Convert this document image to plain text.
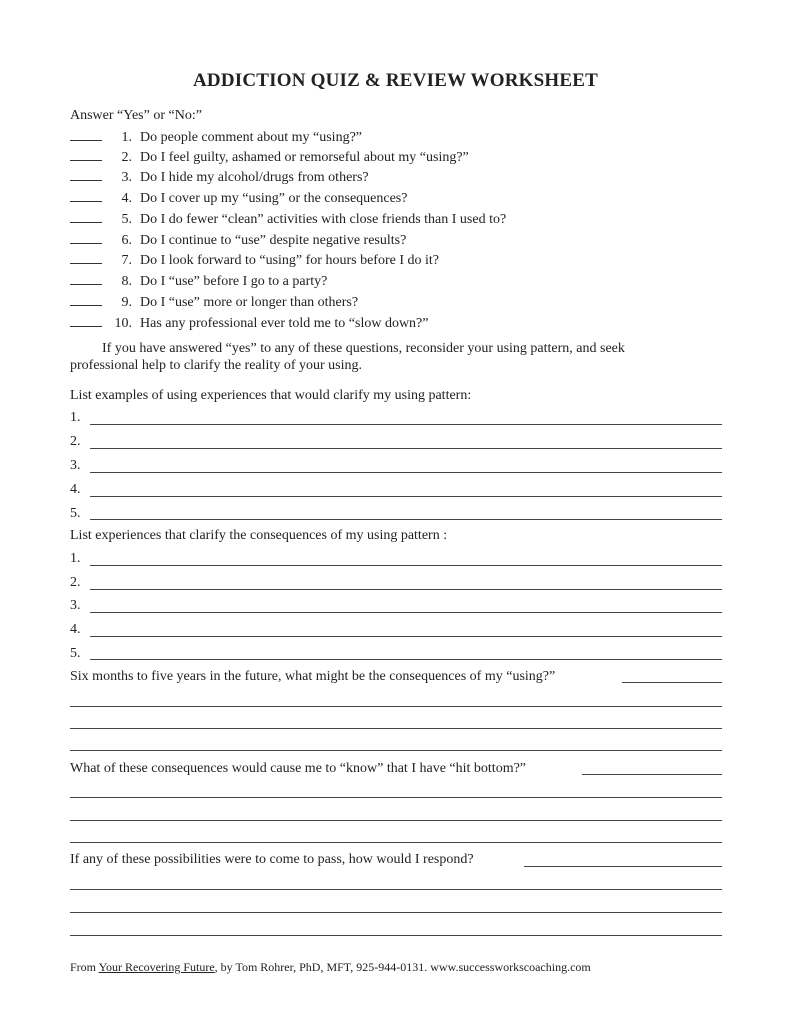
ADDICTION QUIZ & REVIEW WORKSHEET
Answer “Yes” or “No:”
1. Do people comment about my “using?”
2. Do I feel guilty, ashamed or remorseful about my “using?”
3. Do I hide my alcohol/drugs from others?
4. Do I cover up my “using” or the consequences?
5. Do I do fewer “clean” activities with close friends than I used to?
6. Do I continue to “use” despite negative results?
7. Do I look forward to “using” for hours before I do it?
8. Do I “use” before I go to a party?
9. Do I “use” more or longer than others?
10. Has any professional ever told me to “slow down?”
If you have answered “yes” to any of these questions, reconsider your using pattern, and seek
professional help to clarify the reality of your using.
List examples of using experiences that would clarify my using pattern:
1.
2.
3.
4.
5.
List experiences that clarify the consequences of my using pattern :
1.
2.
3.
4.
5.
Six months to five years in the future, what might be the consequences of my “using?”
What of these consequences would cause me to “know” that I have “hit bottom?”
If any of these possibilities were to come to pass, how would I respond?
From Your Recovering Future, by Tom Rohrer, PhD, MFT, 925-944-0131. www.successworkscoaching.com
